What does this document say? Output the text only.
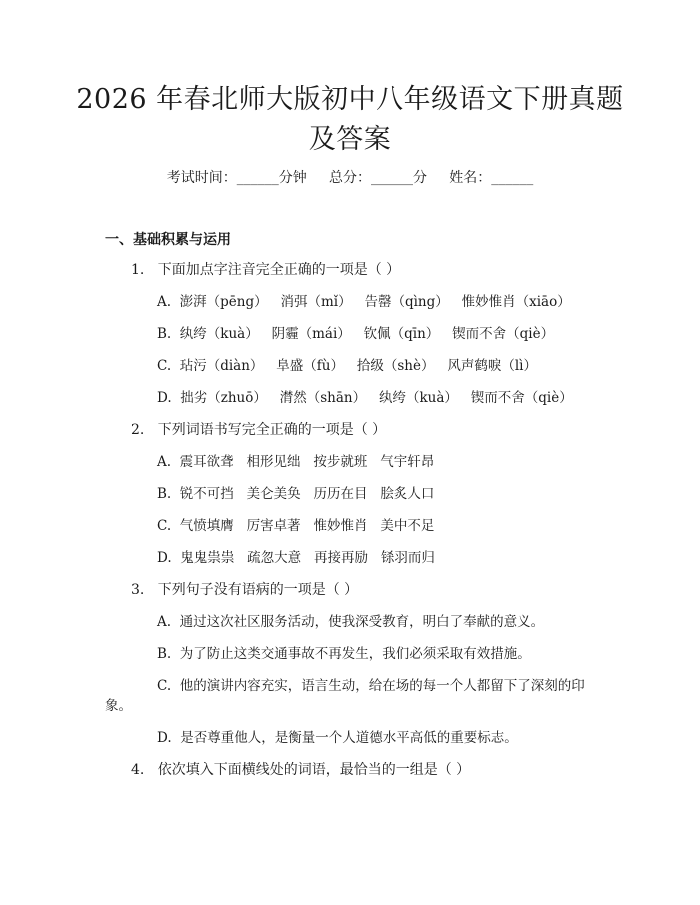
2026 年春北师大版初中八年级语文下册真题
及答案
考试时间：______分钟     总分：______分     姓名：______
一、基础积累与运用
1.   下面加点字注音完全正确的一项是（ ）
A.  澎湃（pēng）   消弭（mǐ）   告罄（qìng）   惟妙惟肖（xiāo）
B.  纨绔（kuà）   阴霾（mái）   钦佩（qīn）   锲而不舍（qiè）
C.  玷污（diàn）   阜盛（fù）   拾级（shè）   风声鹤唳（lì）
D.  拙劣（zhuō）   潸然（shān）   纨绔（kuà）   锲而不舍（qiè）
2.   下列词语书写完全正确的一项是（ ）
A.  震耳欲聋   相形见绌   按步就班   气宇轩昂
B.  锐不可挡   美仑美奂   历历在目   脍炙人口
C.  气愤填膺   厉害卓著   惟妙惟肖   美中不足
D.  鬼鬼祟祟   疏忽大意   再接再励   铩羽而归
3.   下列句子没有语病的一项是（ ）
A.  通过这次社区服务活动，使我深受教育，明白了奉献的意义。
B.  为了防止这类交通事故不再发生，我们必须采取有效措施。
C.  他的演讲内容充实，语言生动，给在场的每一个人都留下了深刻的印
象。
D.  是否尊重他人，是衡量一个人道德水平高低的重要标志。
4.   依次填入下面横线处的词语，最恰当的一组是（ ）
